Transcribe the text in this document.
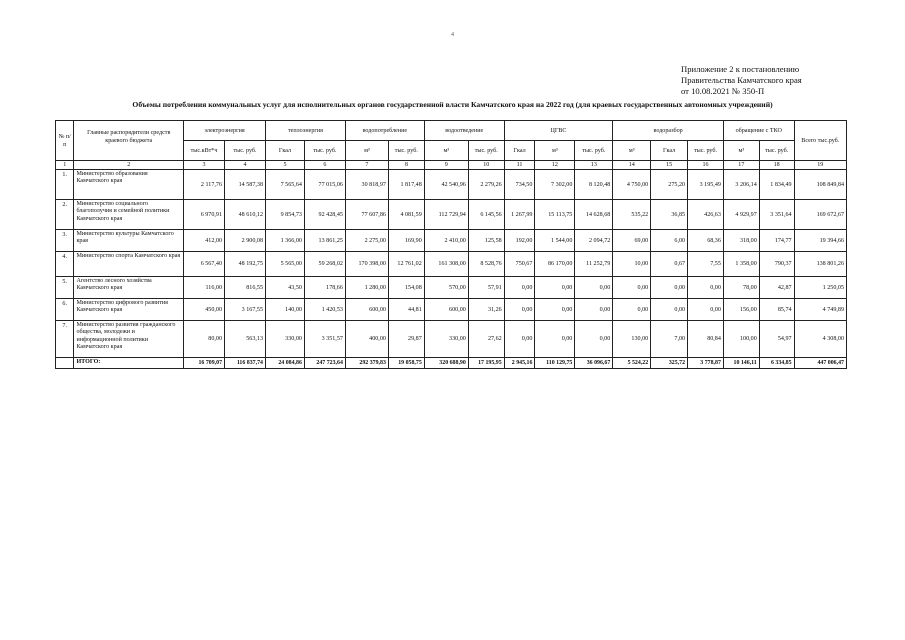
4
Приложение 2 к постановлению
Правительства Камчатского края
от 10.08.2021 № 350-П
Объемы потребления коммунальных услуг для исполнительных органов государственной власти Камчатского края на 2022 год (для краевых государственных автономных учреждений)
№ п/п	Главные распорядители средств краевого бюджета	электроэнергия		теплоэнергия		водопотребление		водоотведение		ЦГВС			водоразбор			обращение с ТКО		Всего тыс.руб.
		тыс.кВт*ч	тыс. руб.	Гкал	тыс. руб.	м³	тыс. руб.	м³	тыс. руб.	Гкал	м³	тыс. руб.	м³	Гкал	тыс. руб.	м³	тыс. руб.	
1	2	3	4	5	6	7	8	9	10	11	12	13	14	15	16	17	18	19
1.	Министерство образования Камчатского края	2 117,76	14 587,38	7 565,64	77 015,06	30 818,97	1 817,48	42 540,96	2 279,26	734,50	7 302,00	8 120,48	4 750,00	275,20	3 195,49	3 206,14	1 834,49	108 849,84
2.	Министерство социального благополучия и семейной политики Камчатского края	6 970,91	48 610,12	9 854,73	92 428,45	77 607,86	4 081,59	112 729,94	6 145,56	1 267,99	15 113,75	14 628,68	535,22	36,85	426,63	4 929,97	3 351,64	169 672,67
3.	Министерство культуры Камчатского края	412,00	2 900,08	1 366,00	13 861,25	2 275,00	169,90	2 410,00	125,58	192,00	1 544,00	2 094,72	69,00	6,00	68,36	318,00	174,77	19 394,66
4.	Министерство спорта Камчатского края	6 567,40	48 192,75	5 565,00	59 268,02	170 398,00	12 761,02	161 308,00	8 528,76	750,67	86 170,00	11 252,79	10,00	0,67	7,55	1 358,00	790,37	138 801,26
5.	Агентство лесного хозяйства Камчатского края	116,00	816,55	43,50	178,66	1 280,00	154,08	570,00	57,91	0,00	0,00	0,00	0,00	0,00	0,00	78,00	42,87	1 250,05
6.	Министерство цифрового развития Камчатского края	450,00	3 167,55	140,00	1 420,53	600,00	44,81	600,00	31,26	0,00	0,00	0,00	0,00	0,00	0,00	156,00	85,74	4 749,89
7.	Министерство развития гражданского общества, молодежи и информационной политики Камчатского края	80,00	563,13	330,00	3 351,57	400,00	29,87	330,00	27,62	0,00	0,00	0,00	130,00	7,00	80,84	100,00	54,97	4 308,00
	ИТОГО:	16 709,07	116 837,74	24 084,86	247 723,64	292 379,83	19 058,75	320 688,90	17 195,95	2 945,16	110 129,75	36 096,67	5 524,22	325,72	3 778,87	10 146,11	6 334,85	447 006,47
